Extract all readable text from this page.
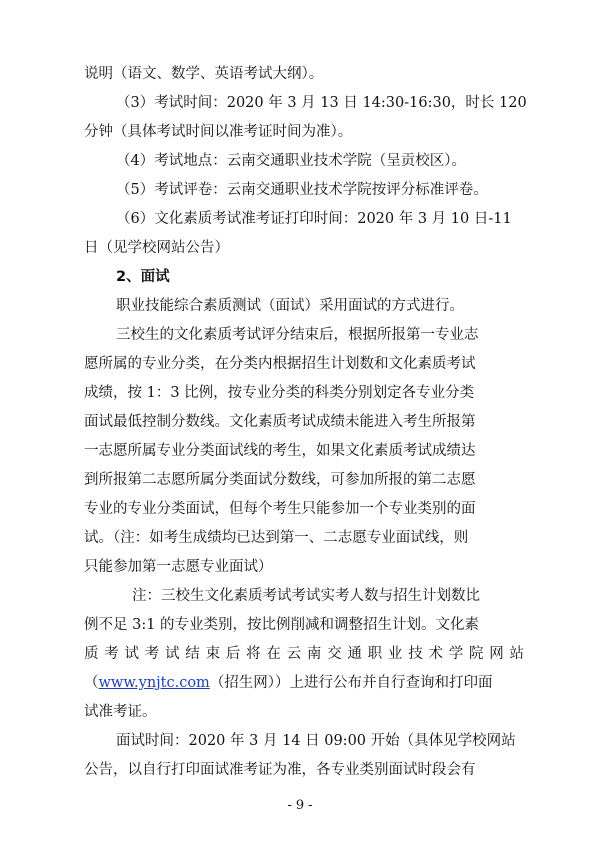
说明（语文、数学、英语考试大纲）。
（3）考试时间：2020 年 3 月 13 日 14:30-16:30，时长 120
分钟（具体考试时间以准考证时间为准）。
（4）考试地点：云南交通职业技术学院（呈贡校区）。
（5）考试评卷：云南交通职业技术学院按评分标准评卷。
（6）文化素质考试准考证打印时间：2020 年 3 月 10 日-11
日（见学校网站公告）
2、面试
职业技能综合素质测试（面试）采用面试的方式进行。
三校生的文化素质考试评分结束后，根据所报第一专业志
愿所属的专业分类，在分类内根据招生计划数和文化素质考试
成绩，按 1：3 比例，按专业分类的科类分别划定各专业分类
面试最低控制分数线。文化素质考试成绩未能进入考生所报第
一志愿所属专业分类面试线的考生，如果文化素质考试成绩达
到所报第二志愿所属分类面试分数线，可参加所报的第二志愿
专业的专业分类面试，但每个考生只能参加一个专业类别的面
试。（注：如考生成绩均已达到第一、二志愿专业面试线，则
只能参加第一志愿专业面试）
注：三校生文化素质考试考试实考人数与招生计划数比
例不足 3:1 的专业类别，按比例削减和调整招生计划。文化素
质考试考试结束后将在云南交通职业技术学院网站
（www.ynjtc.com（招生网））上进行公布并自行查询和打印面
试准考证。
面试时间：2020 年 3 月 14 日 09:00 开始（具体见学校网站
公告，以自行打印面试准考证为准，各专业类别面试时段会有
- 9 -
